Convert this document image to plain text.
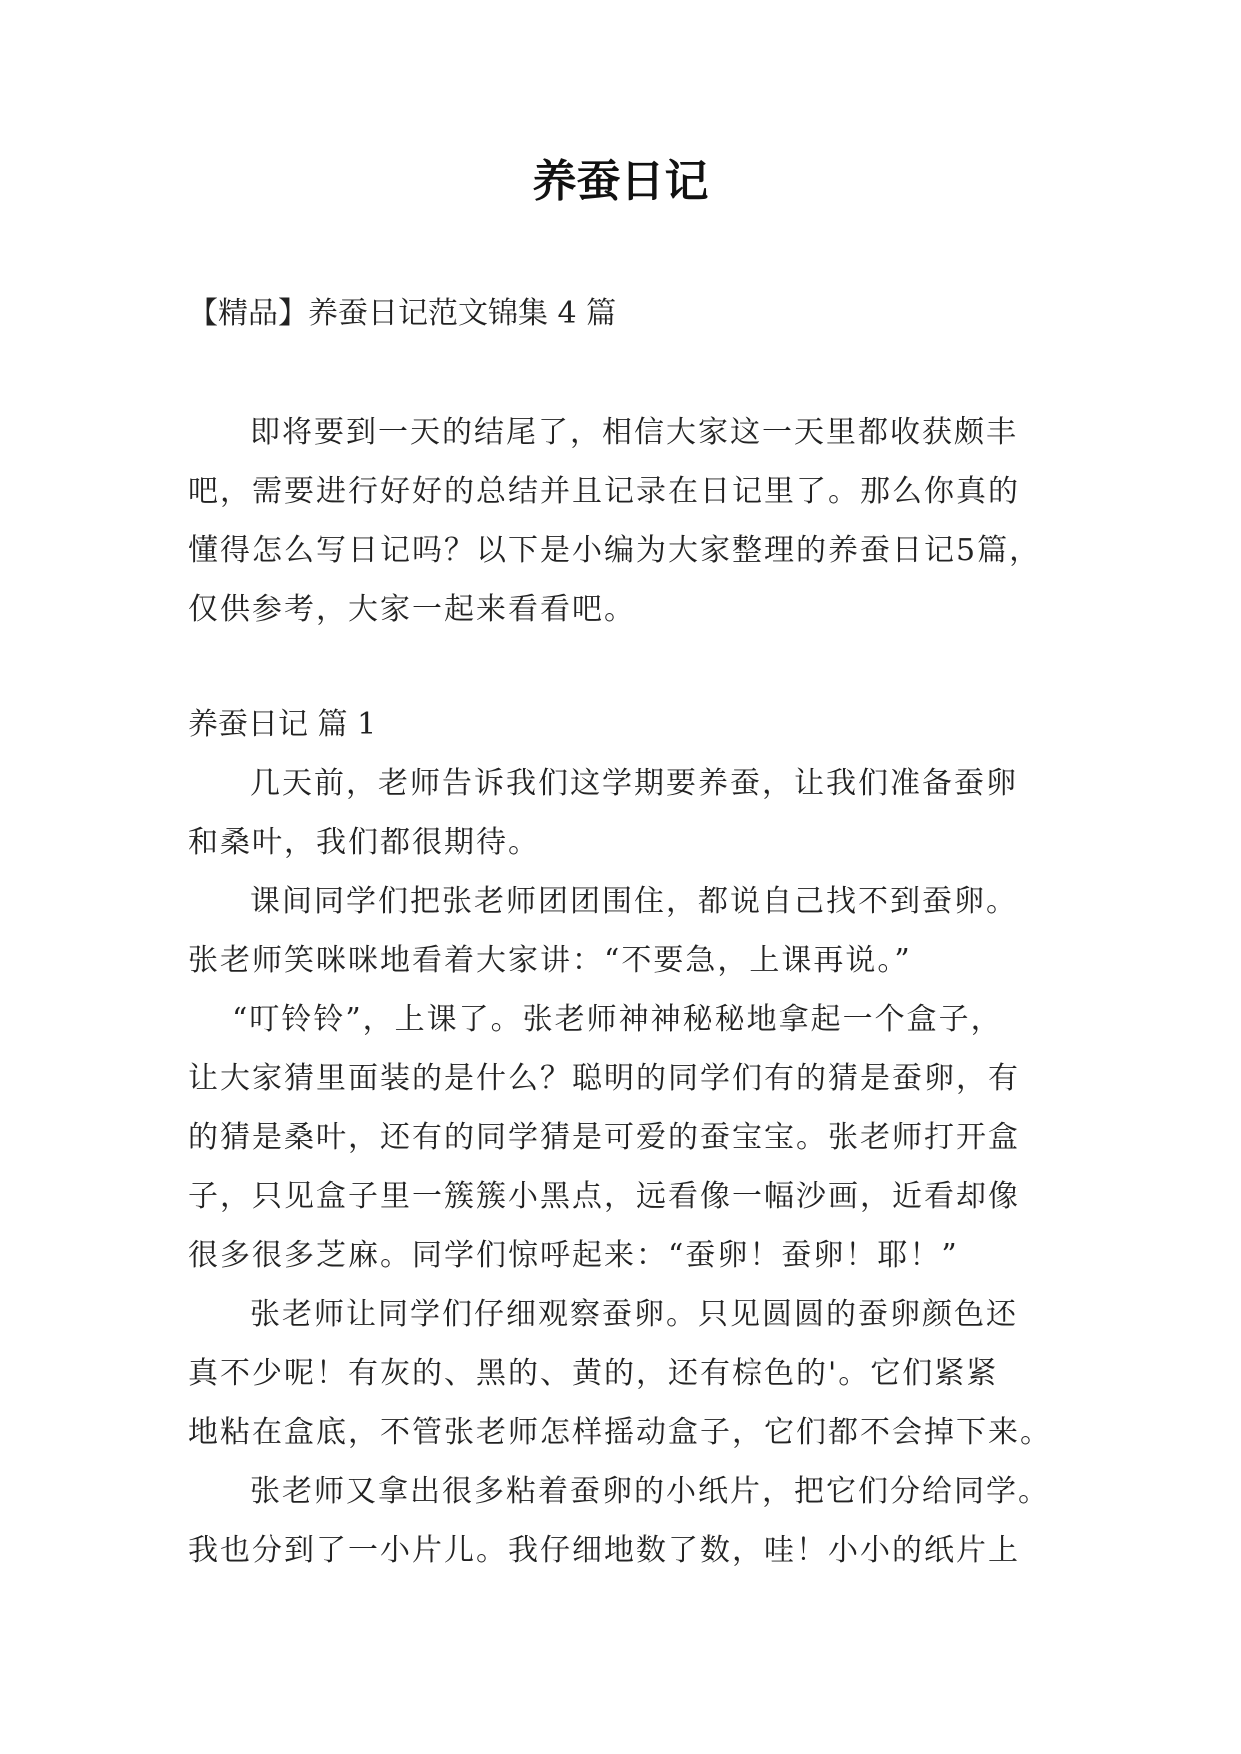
养蚕日记

【精品】养蚕日记范文锦集 4 篇

即将要到一天的结尾了，相信大家这一天里都收获颇丰
吧，需要进行好好的总结并且记录在日记里了。那么你真的
懂得怎么写日记吗？以下是小编为大家整理的养蚕日记5篇，
仅供参考，大家一起来看看吧。

养蚕日记 篇 1

几天前，老师告诉我们这学期要养蚕，让我们准备蚕卵
和桑叶，我们都很期待。
课间同学们把张老师团团围住，都说自己找不到蚕卵。
张老师笑咪咪地看着大家讲：“不要急，上课再说。”
“叮铃铃”，上课了。张老师神神秘秘地拿起一个盒子，
让大家猜里面装的是什么？聪明的同学们有的猜是蚕卵，有
的猜是桑叶，还有的同学猜是可爱的蚕宝宝。张老师打开盒
子，只见盒子里一簇簇小黑点，远看像一幅沙画，近看却像
很多很多芝麻。同学们惊呼起来：“蚕卵！蚕卵！耶！”
张老师让同学们仔细观察蚕卵。只见圆圆的蚕卵颜色还
真不少呢！有灰的、黑的、黄的，还有棕色的'。它们紧紧
地粘在盒底，不管张老师怎样摇动盒子，它们都不会掉下来。
张老师又拿出很多粘着蚕卵的小纸片，把它们分给同学。
我也分到了一小片儿。我仔细地数了数，哇！小小的纸片上
